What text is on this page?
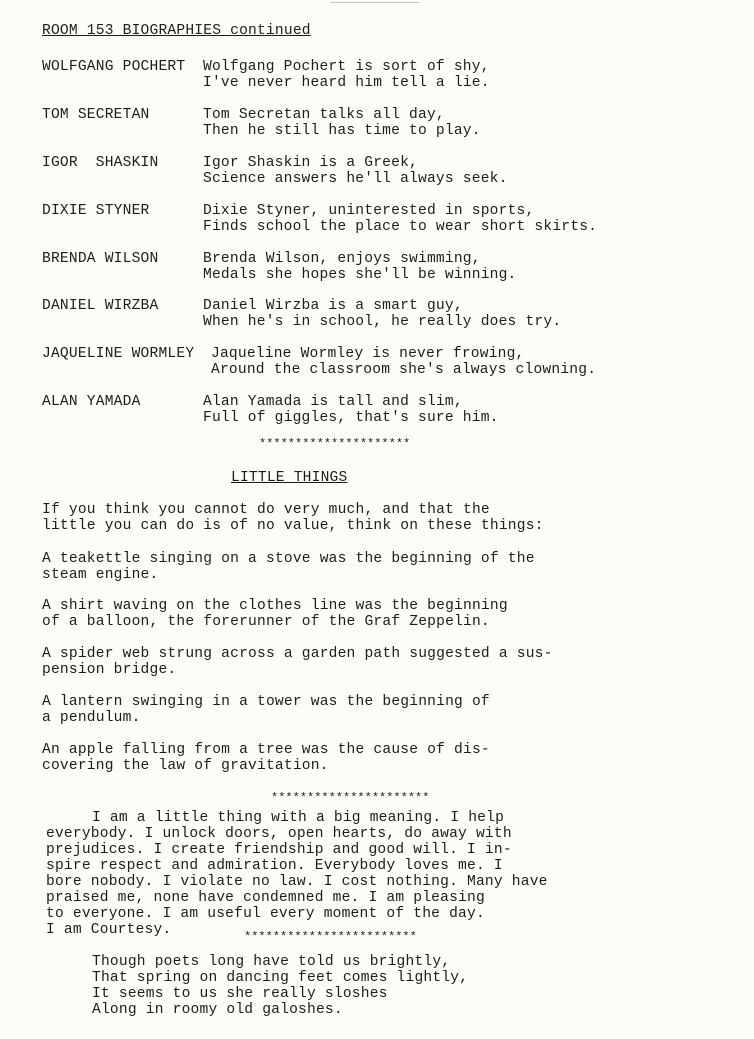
ROOM 153 BIOGRAPHIES continued
WOLFGANG POCHERT Wolfgang Pochert is sort of shy,
I've never heard him tell a lie.
TOM SECRETAN	Tom Secretan talks all day,
Then he still has time to play.
IGOR  SHASKIN	Igor Shaskin is a Greek,
Science answers he'll always seek.
DIXIE STYNER	Dixie Styner, uninterested in sports,
Finds school the place to wear short skirts.
BRENDA WILSON	Brenda Wilson, enjoys swimming,
Medals she hopes she'll be winning.
DANIEL WIRZBA	Daniel Wirzba is a smart guy,
When he's in school, he really does try.
JAQUELINE WORMLEY Jaqueline Wormley is never frowing,
Around the classroom she's always clowning.
ALAN YAMADA	Alan Yamada is tall and slim,
Full of giggles, that's sure him.
*********************
LITTLE THINGS
If you think you cannot do very much, and that the
little you can do is of no value, think on these things:
A teakettle singing on a stove was the beginning of the
steam engine.
A shirt waving on the clothes line was the beginning
of a balloon, the forerunner of the Graf Zeppelin.
A spider web strung across a garden path suggested a sus-
pension bridge.
A lantern swinging in a tower was the beginning of
a pendulum.
An apple falling from a tree was the cause of dis-
covering the law of gravitation.
**********************
I am a little thing with a big meaning. I help
everybody. I unlock doors, open hearts, do away with
prejudices. I create friendship and good will. I in-
spire respect and admiration. Everybody loves me. I
bore nobody. I violate no law. I cost nothing. Many have
praised me, none have condemned me. I am pleasing
to everyone. I am useful every moment of the day.
I am Courtesy.	************************
Though poets long have told us brightly,
That spring on dancing feet comes lightly,
It seems to us she really sloshes
Along in roomy old galoshes.
